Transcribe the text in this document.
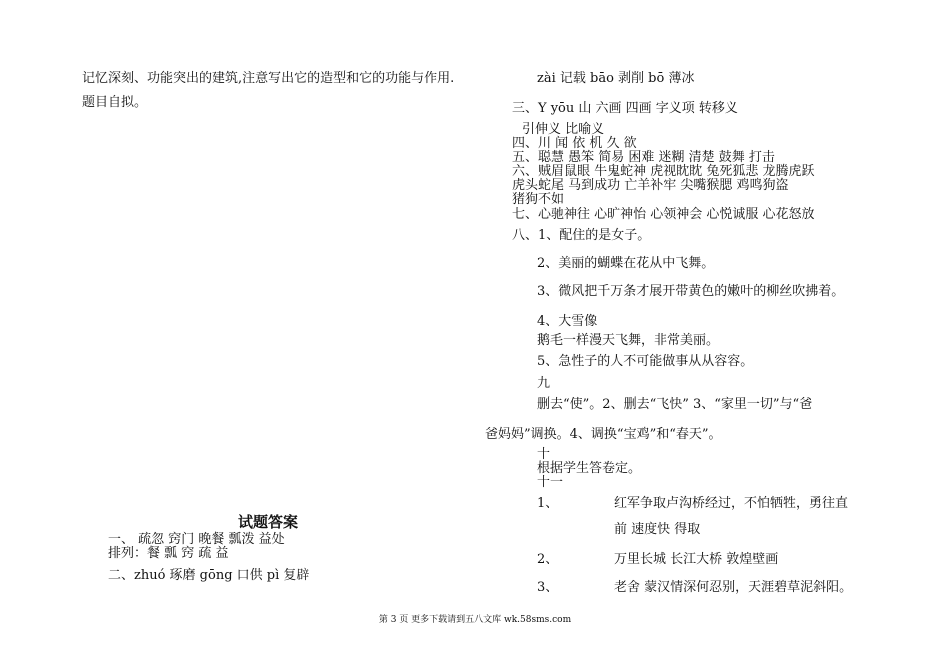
记忆深刻、功能突出的建筑,注意写出它的造型和它的功能与作用.
题目自拟。
试题答案
一、 疏忽 窍门 晚餐 瓢泼 益处
排列：餐 瓢 窍 疏 益
二、zhuó 琢磨 gōng 口供 pì 复辟
zài 记载 bāo 剥削 bō 薄冰
三、Y yōu 山 六画 四画 字义项 转移义
引伸义 比喻义
四、川 闻 依 机 久 欲
五、聪慧 愚笨 简易 困难 迷糊 清楚 鼓舞 打击
六、贼眉鼠眼 牛鬼蛇神 虎视眈眈 兔死狐悲 龙腾虎跃
虎头蛇尾 马到成功 亡羊补牢 尖嘴猴腮 鸡鸣狗盗
猪狗不如
七、心驰神往 心旷神怡 心领神会 心悦诚服 心花怒放
八、1、配住的是女子。
2、美丽的蝴蝶在花从中飞舞。
3、微风把千万条才展开带黄色的嫩叶的柳丝吹拂着。
4、大雪像
鹅毛一样漫天飞舞，非常美丽。
5、急性子的人不可能做事从从容容。
九
删去“使”。2、删去“飞快” 3、“家里一切”与“爸
爸妈妈”调换。4、调换“宝鸡”和“春天”。
十
根据学生答卷定。
十一
1、	红军争取卢沟桥经过，不怕牺牲，勇往直
前 速度快 得取
2、	万里长城 长江大桥 敦煌壁画
3、	老舍 蒙汉情深何忍别，天涯碧草泥斜阳。
第 3 页 更多下载请到五八文库 wk.58sms.com
